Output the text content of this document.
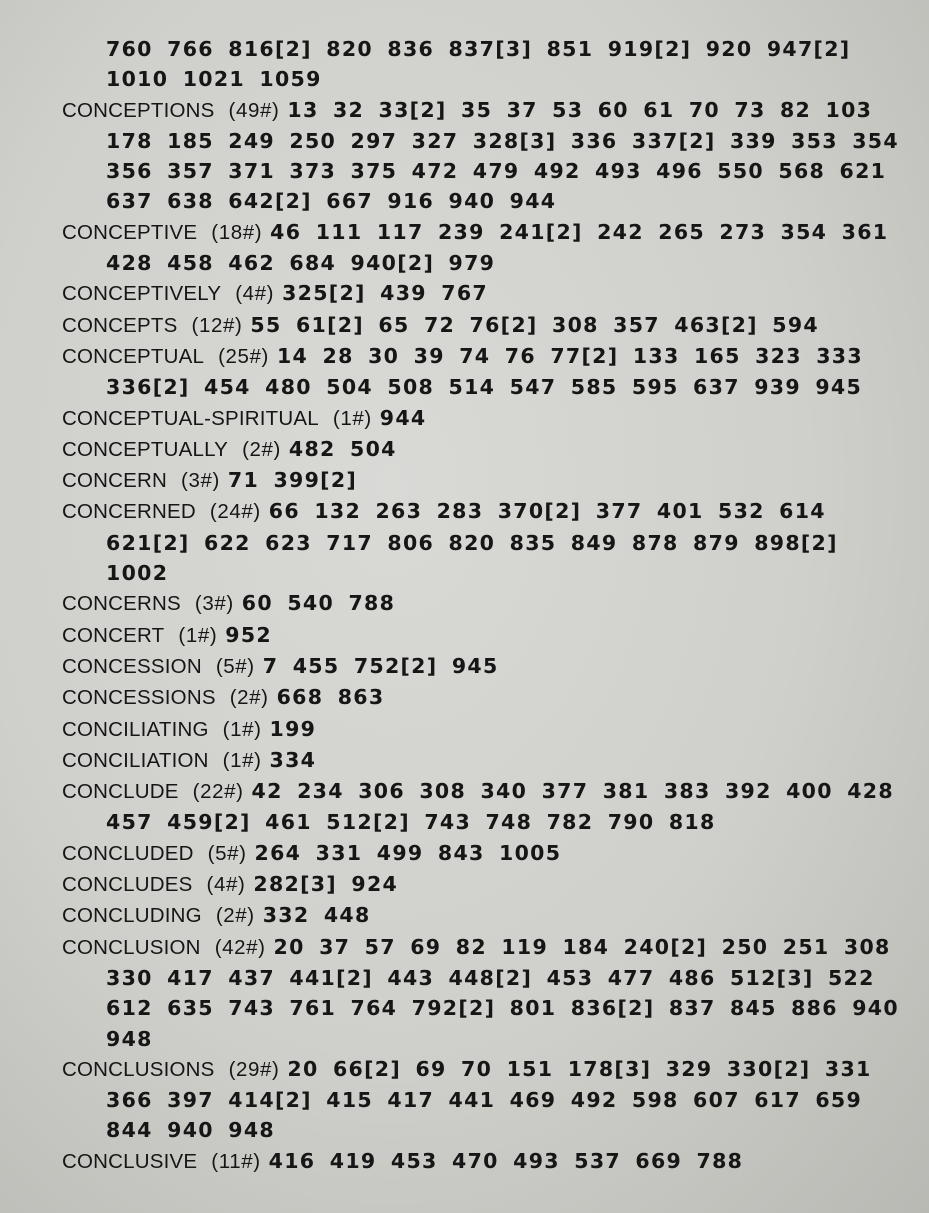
760 766 816[2] 820 836 837[3] 851 919[2] 920 947[2] 1010 1021 1059
CONCEPTIONS (49#) 13 32 33[2] 35 37 53 60 61 70 73 82 103 178 185 249 250 297 327 328[3] 336 337[2] 339 353 354 356 357 371 373 375 472 479 492 493 496 550 568 621 637 638 642[2] 667 916 940 944
CONCEPTIVE (18#) 46 111 117 239 241[2] 242 265 273 354 361 428 458 462 684 940[2] 979
CONCEPTIVELY (4#) 325[2] 439 767
CONCEPTS (12#) 55 61[2] 65 72 76[2] 308 357 463[2] 594
CONCEPTUAL (25#) 14 28 30 39 74 76 77[2] 133 165 323 333 336[2] 454 480 504 508 514 547 585 595 637 939 945
CONCEPTUAL-SPIRITUAL (1#) 944
CONCEPTUALLY (2#) 482 504
CONCERN (3#) 71 399[2]
CONCERNED (24#) 66 132 263 283 370[2] 377 401 532 614 621[2] 622 623 717 806 820 835 849 878 879 898[2] 1002
CONCERNS (3#) 60 540 788
CONCERT (1#) 952
CONCESSION (5#) 7 455 752[2] 945
CONCESSIONS (2#) 668 863
CONCILIATING (1#) 199
CONCILIATION (1#) 334
CONCLUDE (22#) 42 234 306 308 340 377 381 383 392 400 428 457 459[2] 461 512[2] 743 748 782 790 818
CONCLUDED (5#) 264 331 499 843 1005
CONCLUDES (4#) 282[3] 924
CONCLUDING (2#) 332 448
CONCLUSION (42#) 20 37 57 69 82 119 184 240[2] 250 251 308 330 417 437 441[2] 443 448[2] 453 477 486 512[3] 522 612 635 743 761 764 792[2] 801 836[2] 837 845 886 940 948
CONCLUSIONS (29#) 20 66[2] 69 70 151 178[3] 329 330[2] 331 366 397 414[2] 415 417 441 469 492 598 607 617 659 844 940 948
CONCLUSIVE (11#) 416 419 453 470 493 537 669 788
